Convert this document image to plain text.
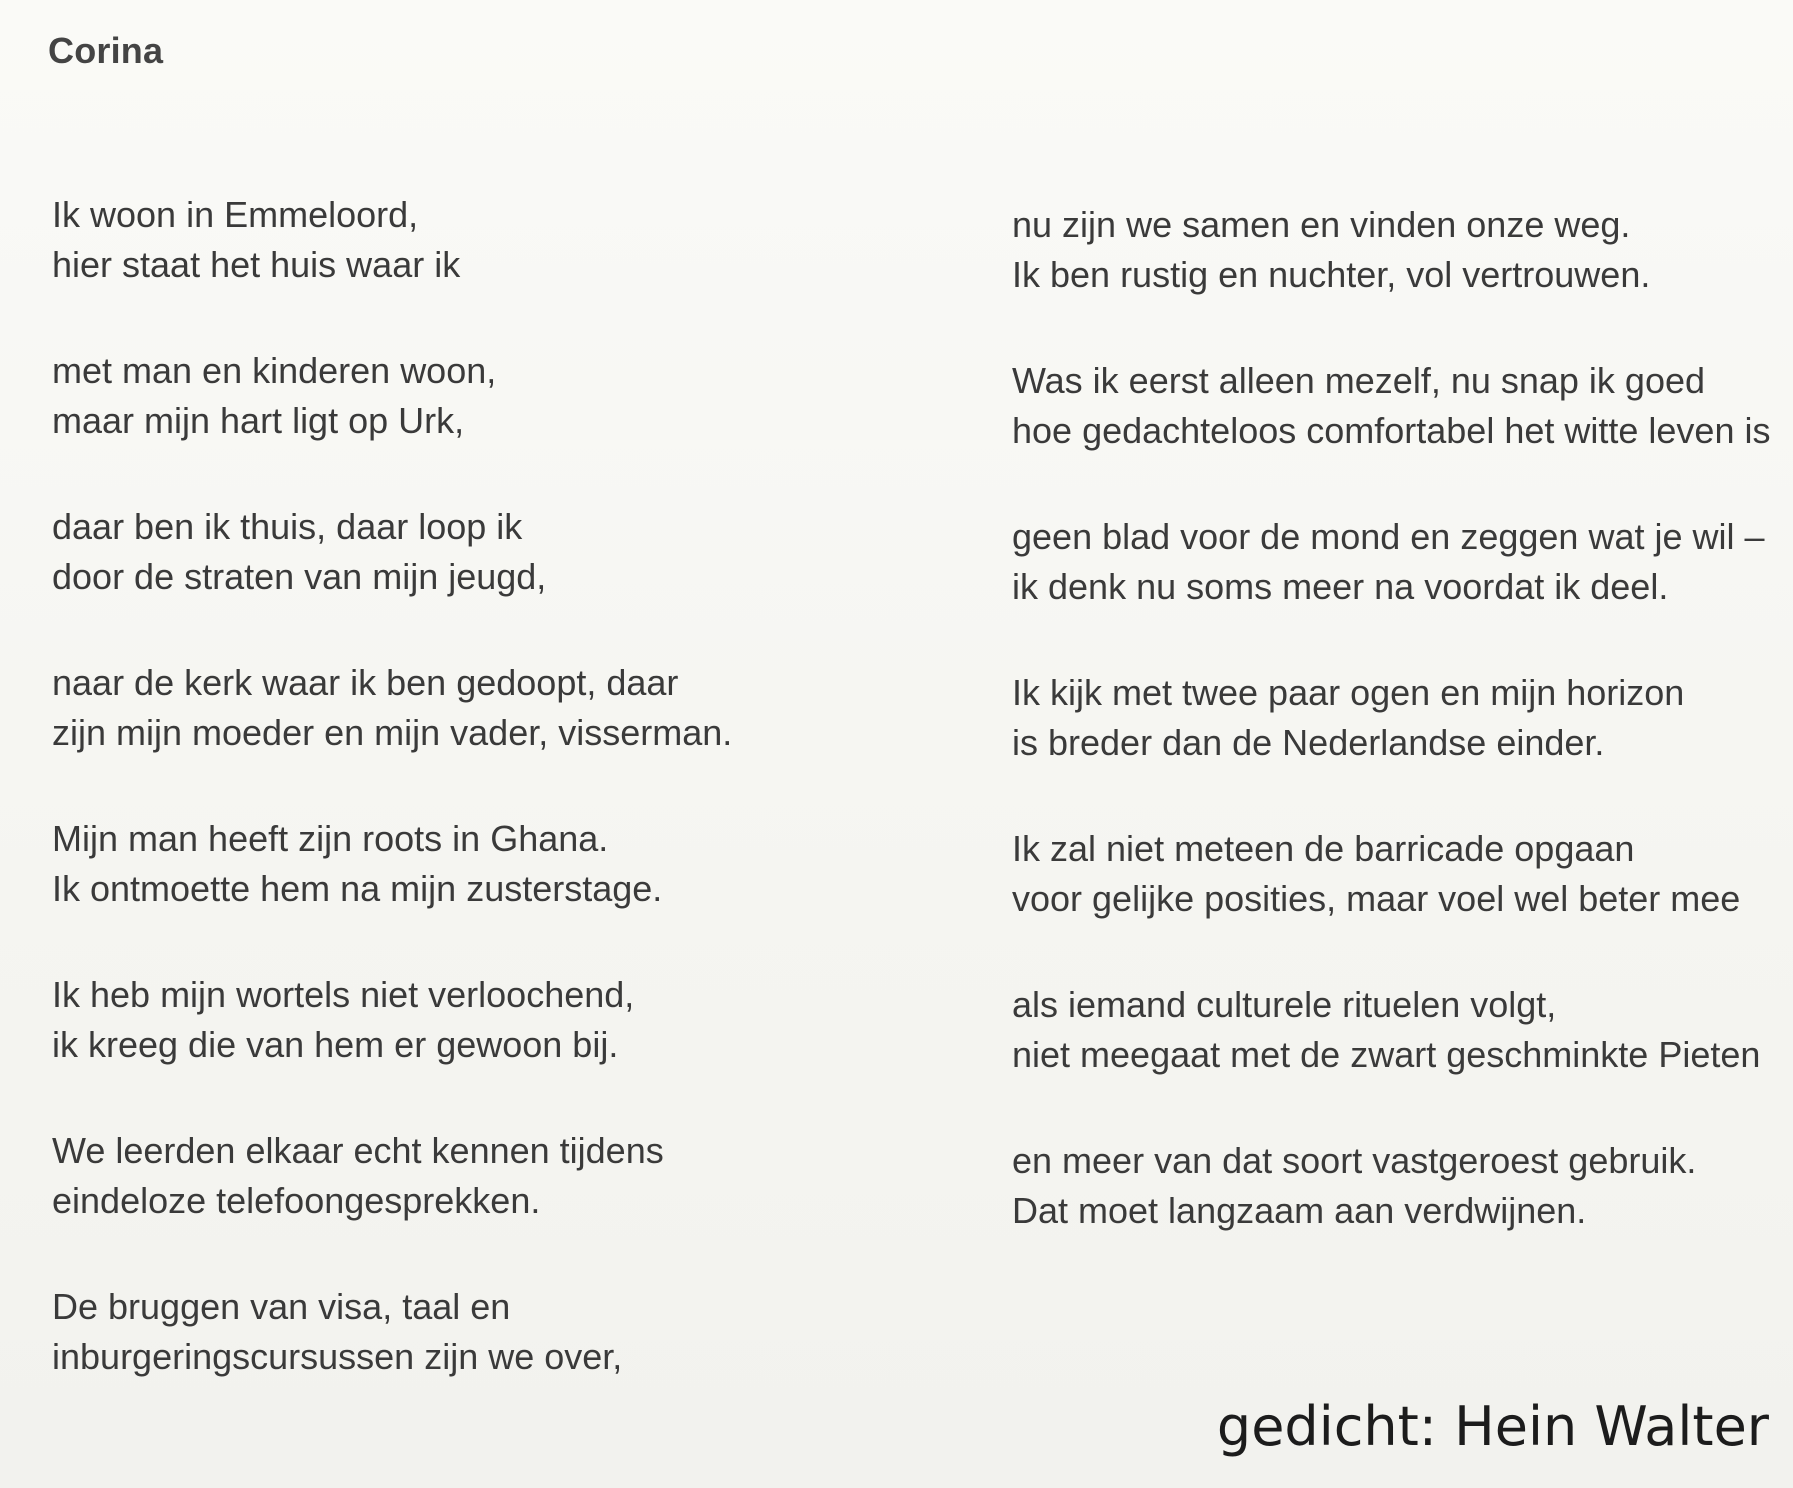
Corina
Ik woon in Emmeloord,
hier staat het huis waar ik
met man en kinderen woon,
maar mijn hart ligt op Urk,
daar ben ik thuis, daar loop ik
door de straten van mijn jeugd,
naar de kerk waar ik ben gedoopt, daar
zijn mijn moeder en mijn vader, visserman.
Mijn man heeft zijn roots in Ghana.
Ik ontmoette hem na mijn zusterstage.
Ik heb mijn wortels niet verloochend,
ik kreeg die van hem er gewoon bij.
We leerden elkaar echt kennen tijdens
eindeloze telefoongesprekken.
De bruggen van visa, taal en
inburgeringscursussen zijn we over,
nu zijn we samen en vinden onze weg.
Ik ben rustig en nuchter, vol vertrouwen.
Was ik eerst alleen mezelf, nu snap ik goed
hoe gedachteloos comfortabel het witte leven is
geen blad voor de mond en zeggen wat je wil –
ik denk nu soms meer na voordat ik deel.
Ik kijk met twee paar ogen en mijn horizon
is breder dan de Nederlandse einder.
Ik zal niet meteen de barricade opgaan
voor gelijke posities, maar voel wel beter mee
als iemand culturele rituelen volgt,
niet meegaat met de zwart geschminkte Pieten
en meer van dat soort vastgeroest gebruik.
Dat moet langzaam aan verdwijnen.
gedicht: Hein Walter
